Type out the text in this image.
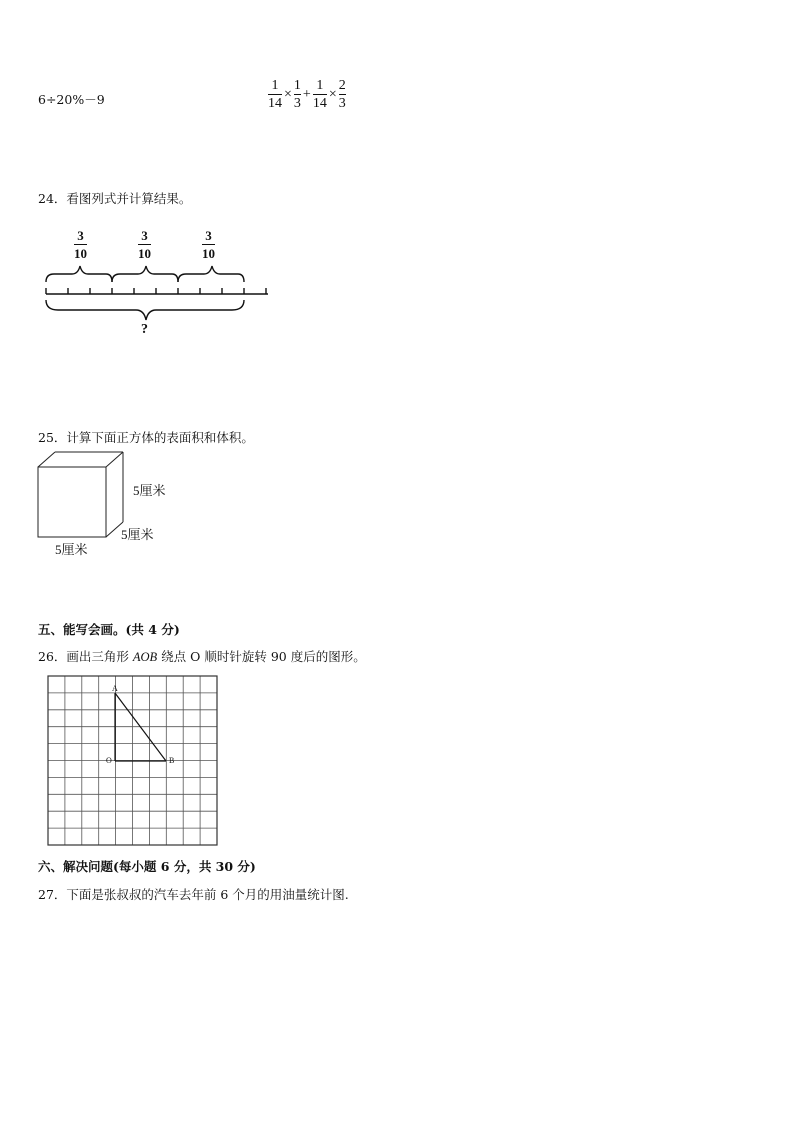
6÷20%－9	$\frac{1}{14} \times \frac{1}{3} + \frac{1}{14} \times \frac{2}{3}$
24．看图列式并计算结果。
3
10
3
10
3
10
?
25．计算下面正方体的表面积和体积。
5厘米
5厘米
5厘米
五、能写会画。(共 4 分)
26．画出三角形 AOB 绕点 O 顺时针旋转 90 度后的图形。
A
O	B
六、解决问题(每小题 6 分，共 30 分)
27．下面是张叔叔的汽车去年前 6 个月的用油量统计图.
